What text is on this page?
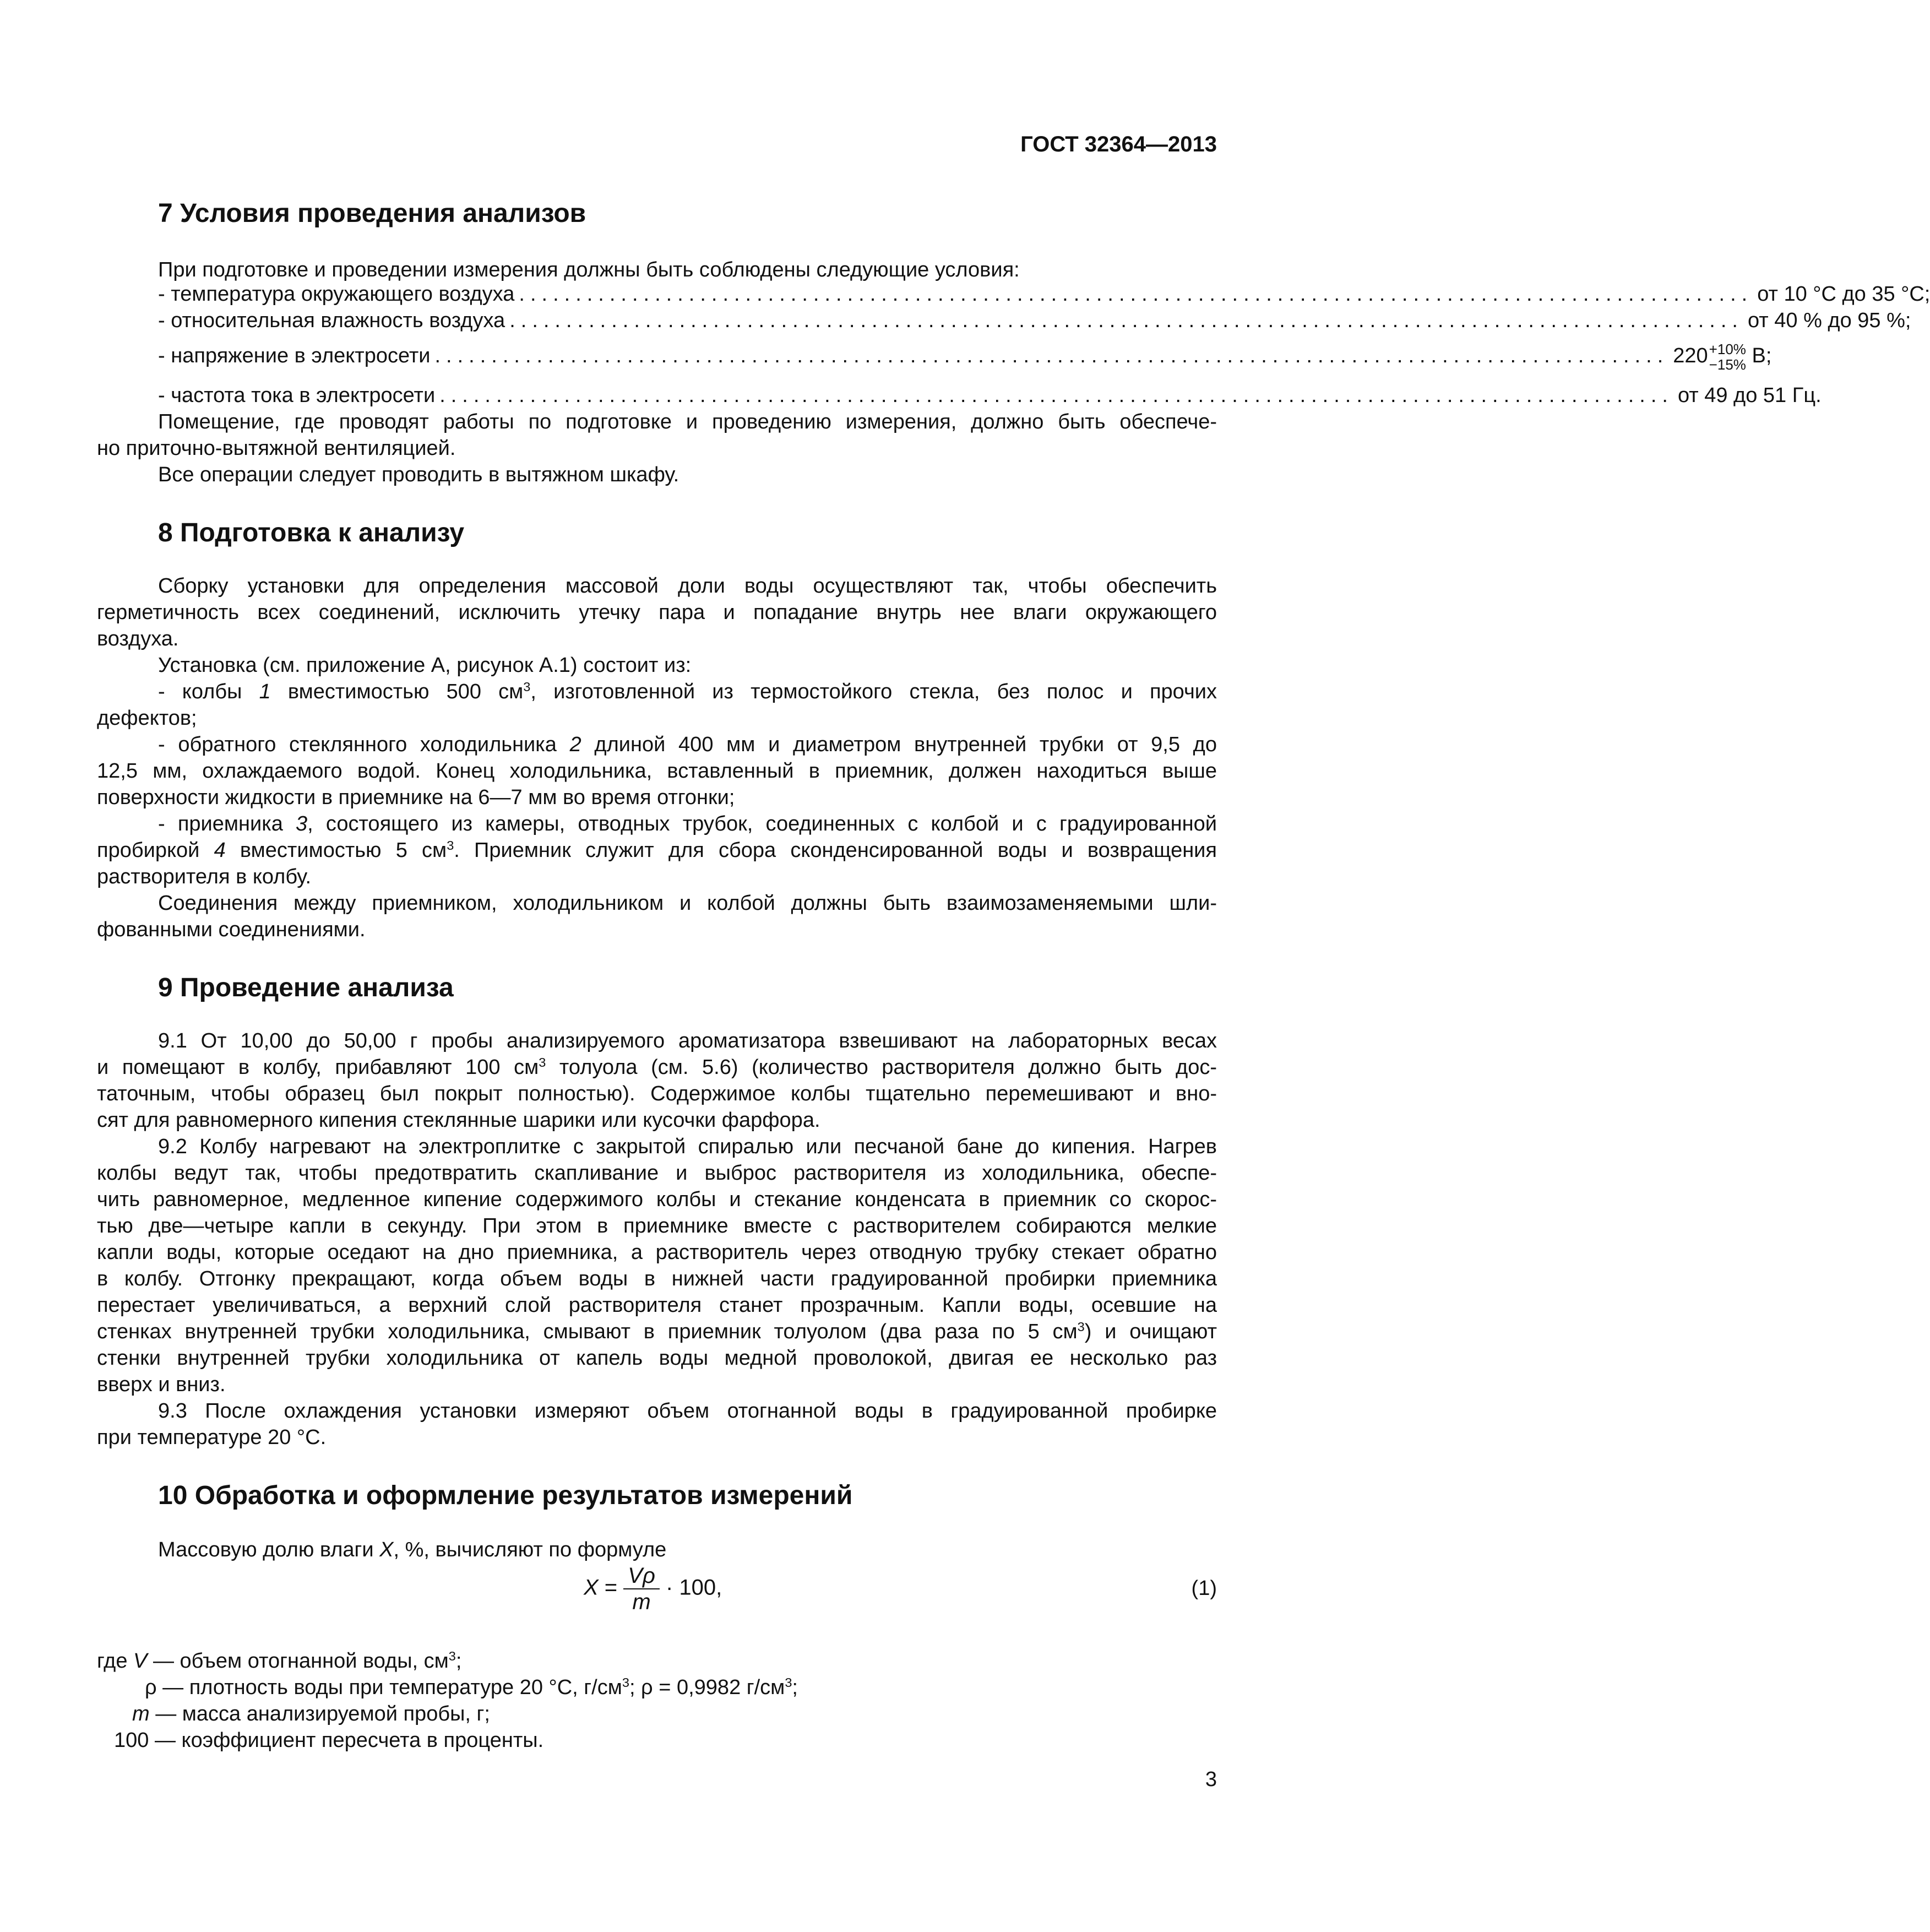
ГОСТ 32364—2013
7 Условия проведения анализов
При подготовке и проведении измерения должны быть соблюдены следующие условия:
- температура окружающего воздуха ............................................................................................................. от 10 °С до 35 °С;
- относительная влажность воздуха ............................................................................................................. от 40 % до 95 %;
- напряжение в электросети ............................................................................................................. 220+10%
−15% В;
- частота тока в электросети ............................................................................................................. от 49 до 51 Гц.
Помещение, где проводят работы по подготовке и проведению измерения, должно быть обеспече-
но приточно-вытяжной вентиляцией.
Все операции следует проводить в вытяжном шкафу.
8 Подготовка к анализу
Сборку установки для определения массовой доли воды осуществляют так, чтобы обеспечить
герметичность всех соединений, исключить утечку пара и попадание внутрь нее влаги окружающего
воздуха.
Установка (см. приложение А, рисунок А.1) состоит из:
- колбы 1 вместимостью 500 $см^3$, изготовленной из термостойкого стекла, без полос и прочих
дефектов;
- обратного стеклянного холодильника 2 длиной 400 мм и диаметром внутренней трубки от 9,5 до
12,5 мм, охлаждаемого водой. Конец холодильника, вставленный в приемник, должен находиться выше
поверхности жидкости в приемнике на 6—7 мм во время отгонки;
- приемника 3, состоящего из камеры, отводных трубок, соединенных с колбой и с градуированной
пробиркой 4 вместимостью 5 $см^3$. Приемник служит для сбора сконденсированной воды и возвращения
растворителя в колбу.
Соединения между приемником, холодильником и колбой должны быть взаимозаменяемыми шли-
фованными соединениями.
9 Проведение анализа
9.1 От 10,00 до 50,00 г пробы анализируемого ароматизатора взвешивают на лабораторных весах
и помещают в колбу, прибавляют 100 $см^3$ толуола (см. 5.6) (количество растворителя должно быть дос-
таточным, чтобы образец был покрыт полностью). Содержимое колбы тщательно перемешивают и вно-
сят для равномерного кипения стеклянные шарики или кусочки фарфора.
9.2 Колбу нагревают на электроплитке с закрытой спиралью или песчаной бане до кипения. Нагрев
колбы ведут так, чтобы предотвратить скапливание и выброс растворителя из холодильника, обеспе-
чить равномерное, медленное кипение содержимого колбы и стекание конденсата в приемник со скорос-
тью две—четыре капли в секунду. При этом в приемнике вместе с растворителем собираются мелкие
капли воды, которые оседают на дно приемника, а растворитель через отводную трубку стекает обратно
в колбу. Отгонку прекращают, когда объем воды в нижней части градуированной пробирки приемника
перестает увеличиваться, а верхний слой растворителя станет прозрачным. Капли воды, осевшие на
стенках внутренней трубки холодильника, смывают в приемник толуолом (два раза по 5 $см^3$) и очищают
стенки внутренней трубки холодильника от капель воды медной проволокой, двигая ее несколько раз
вверх и вниз.
9.3 После охлаждения установки измеряют объем отогнанной воды в градуированной пробирке
при температуре 20 °С.
10 Обработка и оформление результатов измерений
Массовую долю влаги X, %, вычисляют по формуле
$X = \frac{V\rho}{m} \cdot 100$,	(1)
где V — объем отогнанной воды, $см^3$;
ρ — плотность воды при температуре 20 °С, $г/см^3$; ρ = 0,9982 $г/см^3$;
m — масса анализируемой пробы, г;
100 — коэффициент пересчета в проценты.
3
